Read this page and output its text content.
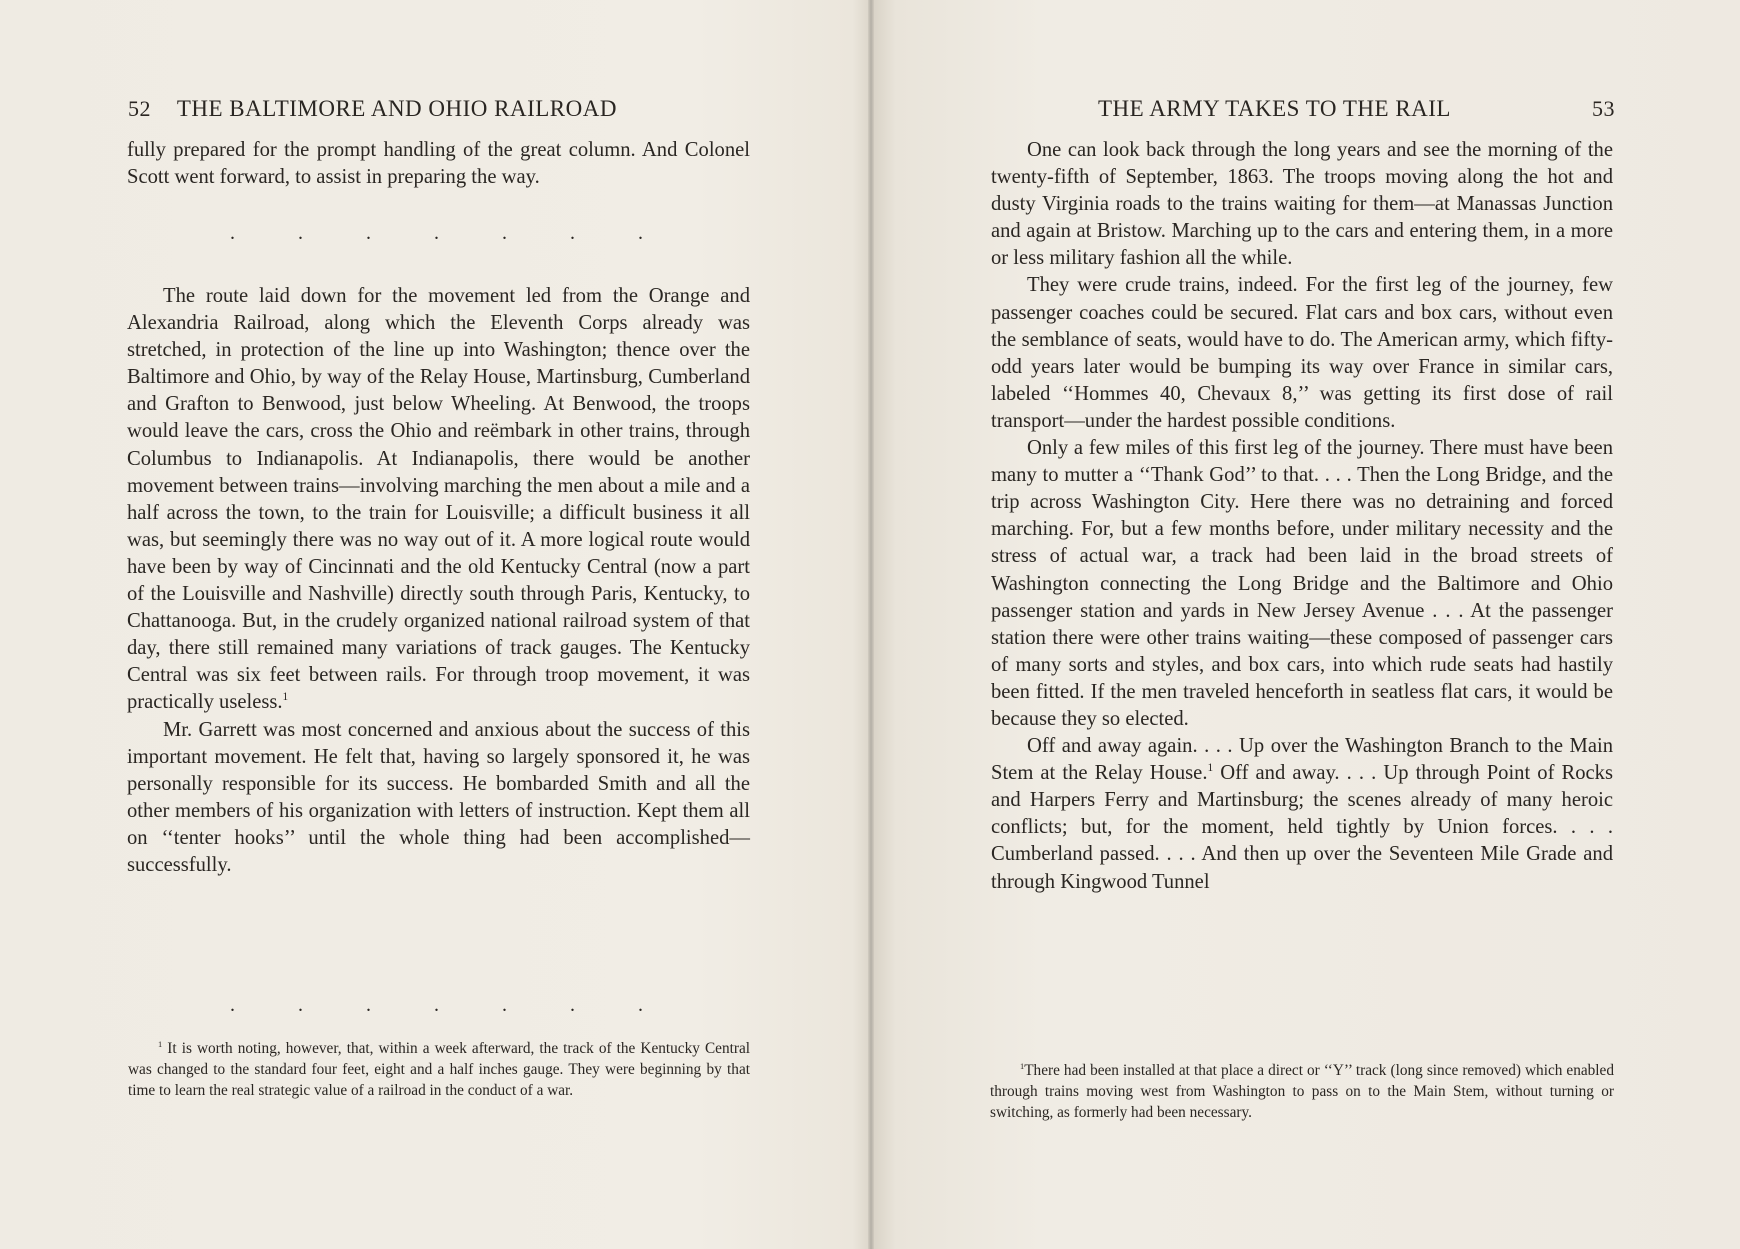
52 THE BALTIMORE AND OHIO RAILROAD

fully prepared for the prompt handling of the great column. And Colonel Scott went forward, to assist in preparing the way.

.	.	.	.	.	.	.

The route laid down for the movement led from the Orange and Alexandria Railroad, along which the Eleventh Corps already was stretched, in protection of the line up into Washington; thence over the Baltimore and Ohio, by way of the Relay House, Martinsburg, Cumberland and Grafton to Benwood, just below Wheeling. At Benwood, the troops would leave the cars, cross the Ohio and reëmbark in other trains, through Columbus to Indianapolis. At Indianapolis, there would be another movement between trains—involving marching the men about a mile and a half across the town, to the train for Louisville; a difficult business it all was, but seemingly there was no way out of it. A more logical route would have been by way of Cincinnati and the old Kentucky Central (now a part of the Louisville and Nashville) directly south through Paris, Kentucky, to Chattanooga. But, in the crudely organized national railroad system of that day, there still remained many variations of track gauges. The Kentucky Central was six feet between rails. For through troop movement, it was practically useless.$^1$

Mr. Garrett was most concerned and anxious about the success of this important movement. He felt that, having so largely sponsored it, he was personally responsible for its success. He bombarded Smith and all the other members of his organization with letters of instruction. Kept them all on ‘‘tenter hooks’’ until the whole thing had been accomplished—successfully.

.	.	.	.	.	.	.

$^1$ It is worth noting, however, that, within a week afterward, the track of the Kentucky Central was changed to the standard four feet, eight and a half inches gauge. They were beginning by that time to learn the real strategic value of a railroad in the conduct of a war.

THE ARMY TAKES TO THE RAIL	53

One can look back through the long years and see the morning of the twenty-fifth of September, 1863. The troops moving along the hot and dusty Virginia roads to the trains waiting for them—at Manassas Junction and again at Bristow. Marching up to the cars and entering them, in a more or less military fashion all the while.

They were crude trains, indeed. For the first leg of the journey, few passenger coaches could be secured. Flat cars and box cars, without even the semblance of seats, would have to do. The American army, which fifty-odd years later would be bumping its way over France in similar cars, labeled ‘‘Hommes 40, Chevaux 8,’’ was getting its first dose of rail transport—under the hardest possible conditions.

Only a few miles of this first leg of the journey. There must have been many to mutter a ‘‘Thank God’’ to that. . . . Then the Long Bridge, and the trip across Washington City. Here there was no detraining and forced marching. For, but a few months before, under military necessity and the stress of actual war, a track had been laid in the broad streets of Washington connecting the Long Bridge and the Baltimore and Ohio passenger station and yards in New Jersey Avenue . . . At the passenger station there were other trains waiting—these composed of passenger cars of many sorts and styles, and box cars, into which rude seats had hastily been fitted. If the men traveled henceforth in seatless flat cars, it would be because they so elected.

Off and away again. . . . Up over the Washington Branch to the Main Stem at the Relay House.$^1$ Off and away. . . . Up through Point of Rocks and Harpers Ferry and Martinsburg; the scenes already of many heroic conflicts; but, for the moment, held tightly by Union forces. . . . Cumberland passed. . . . And then up over the Seventeen Mile Grade and through Kingwood Tunnel

$^1$There had been installed at that place a direct or ‘‘Y’’ track (long since removed) which enabled through trains moving west from Washington to pass on to the Main Stem, without turning or switching, as formerly had been necessary.
